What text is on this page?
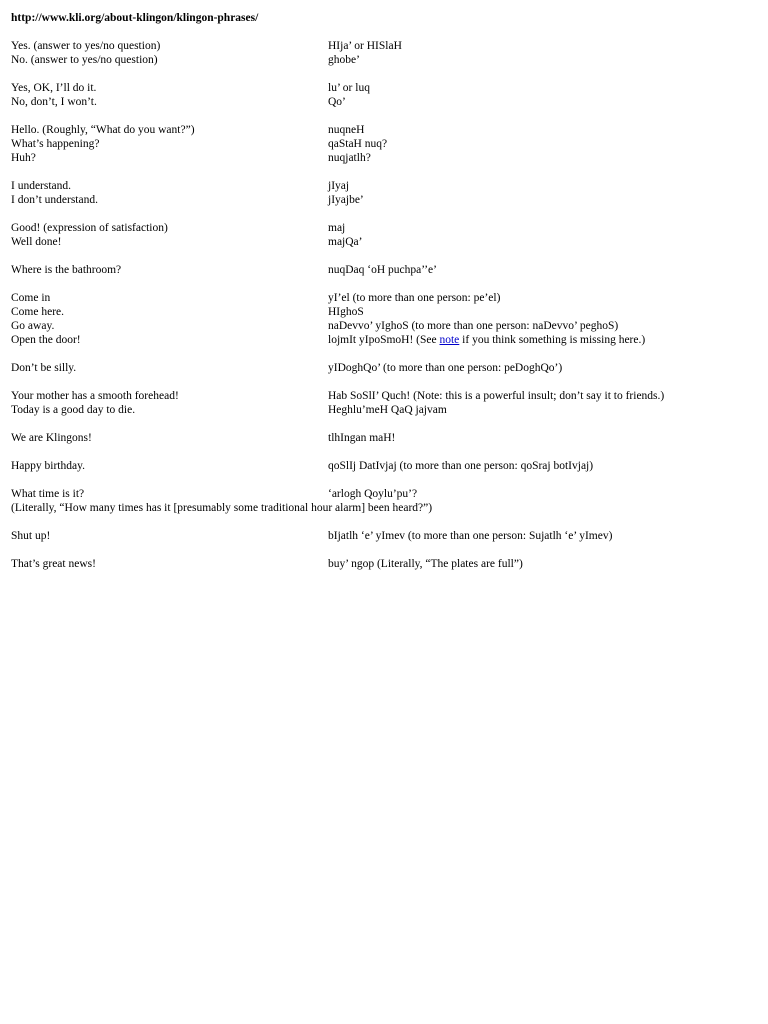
http://www.kli.org/about-klingon/klingon-phrases/
Yes. (answer to yes/no question)	HIja’ or HISlaH
No. (answer to yes/no question)	ghobe’
Yes, OK, I’ll do it.	lu’ or luq
No, don’t, I won’t.	Qo’
Hello. (Roughly, “What do you want?”)	nuqneH
What’s happening?	qaStaH nuq?
Huh?	nuqjatlh?
I understand.	jIyaj
I don’t understand.	jIyajbe’
Good! (expression of satisfaction)	maj
Well done!	majQa’
Where is the bathroom?	nuqDaq ‘oH puchpa’’e’
Come in	yI’el (to more than one person: pe’el)
Come here.	HIghoS
Go away.	naDevvo’ yIghoS (to more than one person: naDevvo’ peghoS)
Open the door!	lojmIt yIpoSmoH! (See note if you think something is missing here.)
Don’t be silly.	yIDoghQo’ (to more than one person: peDoghQo’)
Your mother has a smooth forehead!	Hab SoSlI’ Quch! (Note: this is a powerful insult; don’t say it to friends.)
Today is a good day to die.	Heghlu’meH QaQ jajvam
We are Klingons!	tlhIngan maH!
Happy birthday.	qoSlIj DatIvjaj (to more than one person: qoSraj botIvjaj)
What time is it?	‘arlogh Qoylu’pu’?
(Literally, “How many times has it [presumably some traditional hour alarm] been heard?”)
Shut up!	bIjatlh ‘e’ yImev (to more than one person: Sujatlh ‘e’ yImev)
That’s great news!	buy’ ngop (Literally, “The plates are full”)
